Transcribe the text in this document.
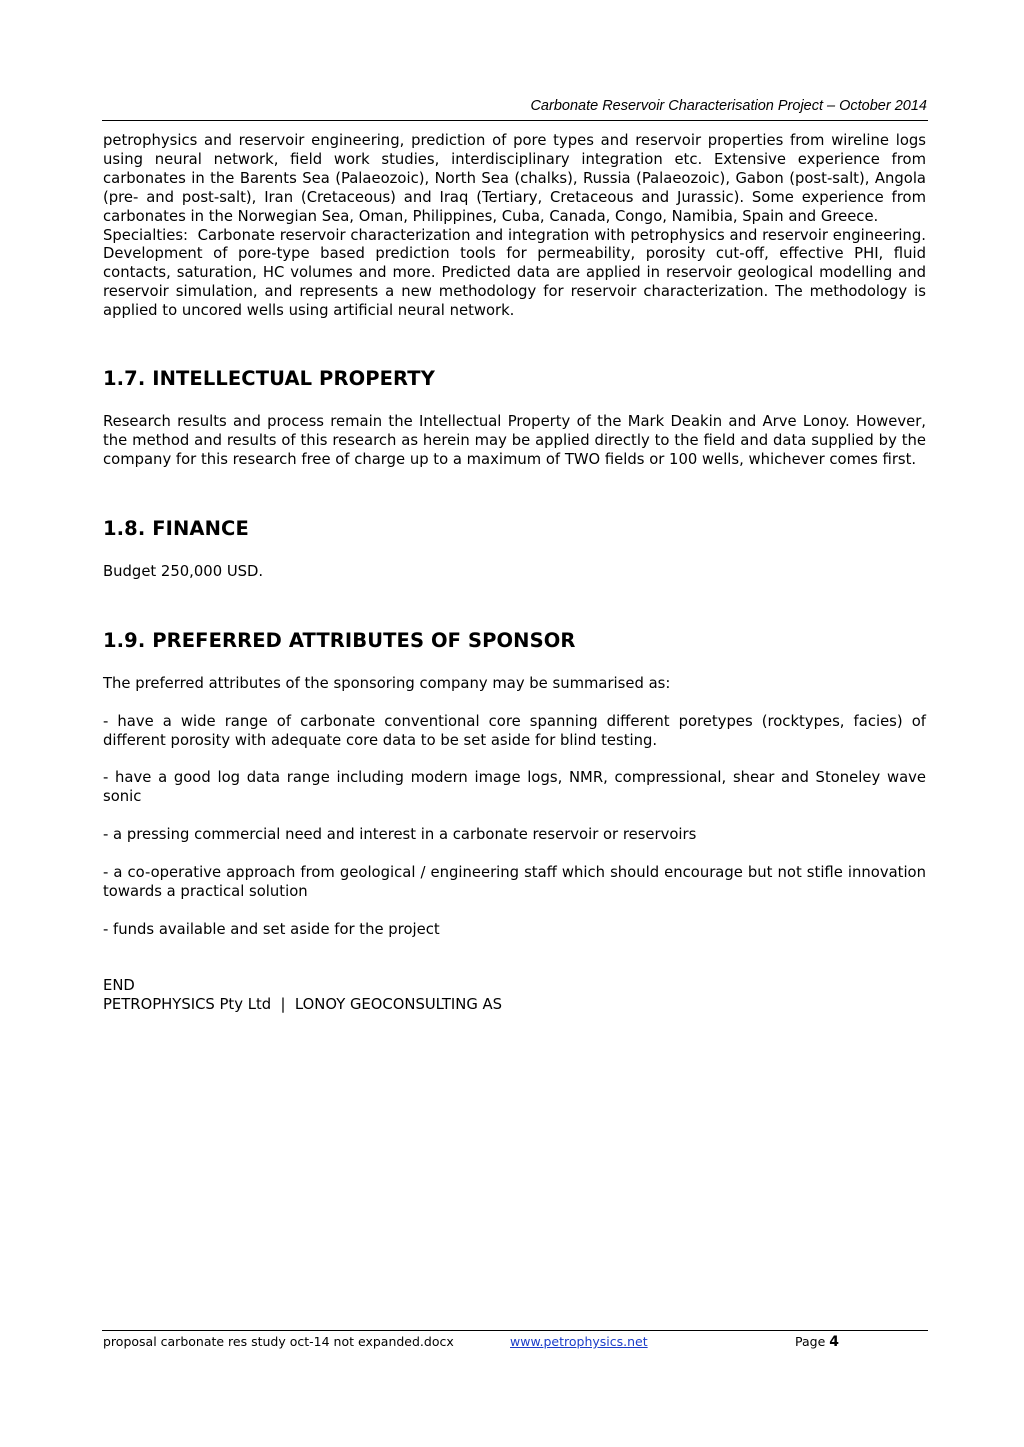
Carbonate Reservoir Characterisation Project – October 2014

petrophysics and reservoir engineering, prediction of pore types and reservoir properties from wireline logs using neural network, field work studies, interdisciplinary integration etc. Extensive experience from carbonates in the Barents Sea (Palaeozoic), North Sea (chalks), Russia (Palaeozoic), Gabon (post-salt), Angola (pre- and post-salt), Iran (Cretaceous) and Iraq (Tertiary, Cretaceous and Jurassic). Some experience from carbonates in the Norwegian Sea, Oman, Philippines, Cuba, Canada, Congo, Namibia, Spain and Greece.

Specialties:  Carbonate reservoir characterization and integration with petrophysics and reservoir engineering. Development of pore-type based prediction tools for permeability, porosity cut-off, effective PHI, fluid contacts, saturation, HC volumes and more. Predicted data are applied in reservoir geological modelling and reservoir simulation, and represents a new methodology for reservoir characterization. The methodology is applied to uncored wells using artificial neural network.

1.7. INTELLECTUAL PROPERTY

Research results and process remain the Intellectual Property of the Mark Deakin and Arve Lonoy. However, the method and results of this research as herein may be applied directly to the field and data supplied by the company for this research free of charge up to a maximum of TWO fields or 100 wells, whichever comes first.

1.8. FINANCE

Budget 250,000 USD.

1.9. PREFERRED ATTRIBUTES OF SPONSOR

The preferred attributes of the sponsoring company may be summarised as:

- have a wide range of carbonate conventional core spanning different poretypes (rocktypes, facies) of different porosity with adequate core data to be set aside for blind testing.

- have a good log data range including modern image logs, NMR, compressional, shear and Stoneley wave sonic

- a pressing commercial need and interest in a carbonate reservoir or reservoirs

- a co-operative approach from geological / engineering staff which should encourage but not stifle innovation towards a practical solution

- funds available and set aside for the project

END

PETROPHYSICS Pty Ltd  |  LONOY GEOCONSULTING AS

proposal carbonate res study oct-14 not expanded.docx	www.petrophysics.net	Page 4
